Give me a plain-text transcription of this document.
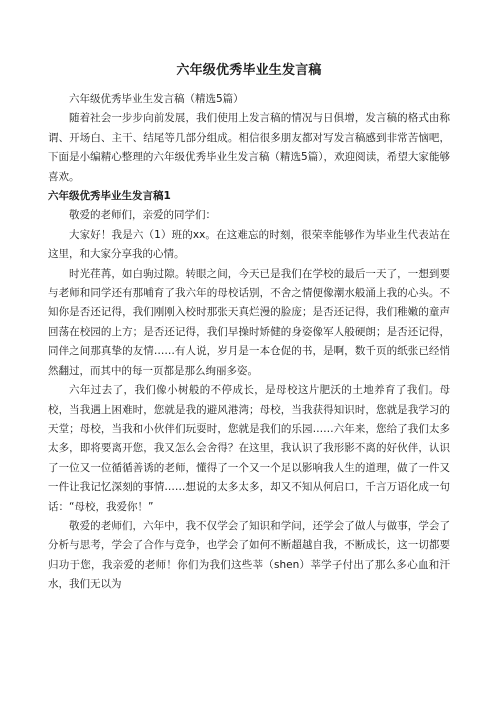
六年级优秀毕业生发言稿

六年级优秀毕业生发言稿（精选5篇）

随着社会一步步向前发展，我们使用上发言稿的情况与日俱增，发言稿的格式由称谓、开场白、主干、结尾等几部分组成。相信很多朋友都对写发言稿感到非常苦恼吧，下面是小编精心整理的六年级优秀毕业生发言稿（精选5篇），欢迎阅读，希望大家能够喜欢。

六年级优秀毕业生发言稿1

敬爱的老师们，亲爱的同学们：

大家好！我是六（1）班的xx。在这难忘的时刻，很荣幸能够作为毕业生代表站在这里，和大家分享我的心情。

时光荏苒，如白驹过隙。转眼之间，今天已是我们在学校的最后一天了，一想到要与老师和同学还有那哺育了我六年的母校话别，不舍之情便像潮水般涌上我的心头。不知你是否还记得，我们刚刚入校时那张天真烂漫的脸庞；是否还记得，我们稚嫩的童声回荡在校园的上方；是否还记得，我们早操时矫健的身姿像军人般硬朗；是否还记得，同伴之间那真挚的友情……有人说，岁月是一本仓促的书，是啊，数千页的纸张已经悄然翻过，而其中的每一页都是那么绚丽多姿。

六年过去了，我们像小树般的不停成长，是母校这片肥沃的土地养育了我们。母校，当我遇上困难时，您就是我的避风港湾；母校，当我获得知识时，您就是我学习的天堂；母校，当我和小伙伴们玩耍时，您就是我们的乐园……六年来，您给了我们太多太多，即将要离开您，我又怎么会舍得？在这里，我认识了我形影不离的好伙伴，认识了一位又一位循循善诱的老师，懂得了一个又一个足以影响我人生的道理，做了一件又一件让我记忆深刻的事情……想说的太多太多，却又不知从何启口，千言万语化成一句话：“母校，我爱你！”

敬爱的老师们，六年中，我不仅学会了知识和学问，还学会了做人与做事，学会了分析与思考，学会了合作与竞争，也学会了如何不断超越自我，不断成长，这一切都要归功于您，我亲爱的老师！你们为我们这些莘（shen）莘学子付出了那么多心血和汗水，我们无以为
